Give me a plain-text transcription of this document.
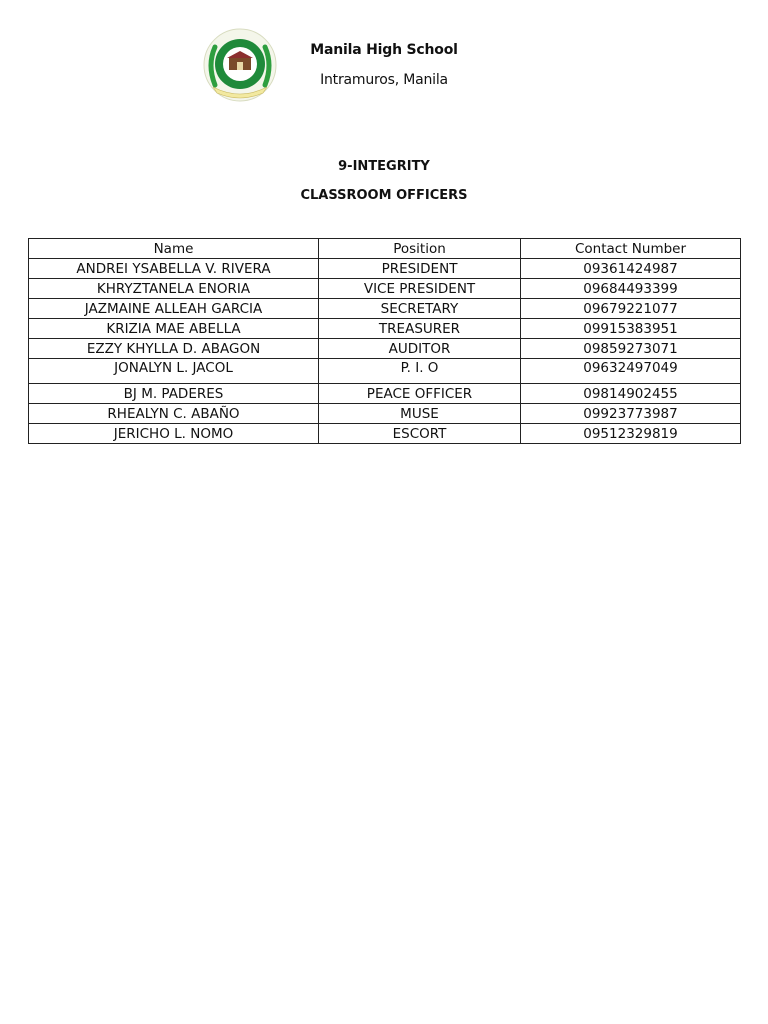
Manila High School
Intramuros, Manila
9-INTEGRITY
CLASSROOM OFFICERS
Name	Position	Contact Number
ANDREI YSABELLA V. RIVERA	PRESIDENT	09361424987
KHRYZTANELA ENORIA	VICE PRESIDENT	09684493399
JAZMAINE ALLEAH GARCIA	SECRETARY	09679221077
KRIZIA MAE ABELLA	TREASURER	09915383951
EZZY KHYLLA D. ABAGON	AUDITOR	09859273071
JONALYN L. JACOL	P. I. O	09632497049
BJ M. PADERES	PEACE OFFICER	09814902455
RHEALYN C. ABAÑO	MUSE	09923773987
JERICHO L. NOMO	ESCORT	09512329819
